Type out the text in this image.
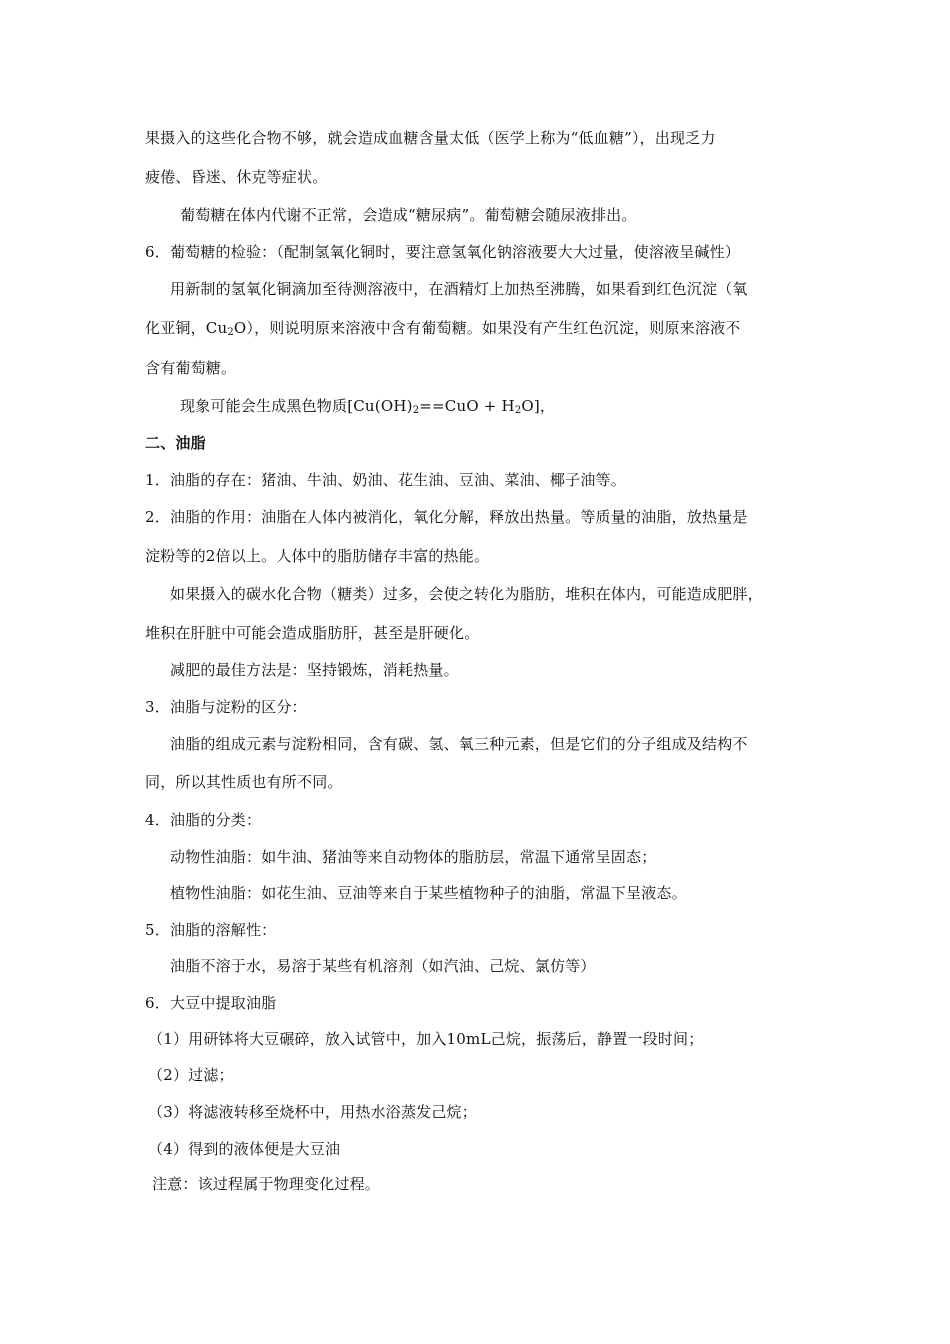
果摄入的这些化合物不够，就会造成血糖含量太低（医学上称为“低血糖”），出现乏力
疲倦、昏迷、休克等症状。
葡萄糖在体内代谢不正常，会造成“糖尿病”。葡萄糖会随尿液排出。
6．葡萄糖的检验：（配制氢氧化铜时，要注意氢氧化钠溶液要大大过量，使溶液呈碱性）
用新制的氢氧化铜滴加至待测溶液中，在酒精灯上加热至沸腾，如果看到红色沉淀（氧
化亚铜，$Cu_2O$），则说明原来溶液中含有葡萄糖。如果没有产生红色沉淀，则原来溶液不
含有葡萄糖。
现象可能会生成黑色物质$[Cu(OH)_2==CuO + H_2O]$，
二、油脂
1．油脂的存在：猪油、牛油、奶油、花生油、豆油、菜油、椰子油等。
2．油脂的作用：油脂在人体内被消化，氧化分解，释放出热量。等质量的油脂，放热量是
淀粉等的2倍以上。人体中的脂肪储存丰富的热能。
如果摄入的碳水化合物（糖类）过多，会使之转化为脂肪，堆积在体内，可能造成肥胖，
堆积在肝脏中可能会造成脂肪肝，甚至是肝硬化。
减肥的最佳方法是：坚持锻炼，消耗热量。
3．油脂与淀粉的区分：
油脂的组成元素与淀粉相同，含有碳、氢、氧三种元素，但是它们的分子组成及结构不
同，所以其性质也有所不同。
4．油脂的分类：
动物性油脂：如牛油、猪油等来自动物体的脂肪层，常温下通常呈固态；
植物性油脂：如花生油、豆油等来自于某些植物种子的油脂，常温下呈液态。
5．油脂的溶解性：
油脂不溶于水，易溶于某些有机溶剂（如汽油、己烷、氯仿等）
6．大豆中提取油脂
（1）用研钵将大豆碾碎，放入试管中，加入10mL己烷，振荡后，静置一段时间；
（2）过滤；
（3）将滤液转移至烧杯中，用热水浴蒸发己烷；
（4）得到的液体便是大豆油
注意：该过程属于物理变化过程。
